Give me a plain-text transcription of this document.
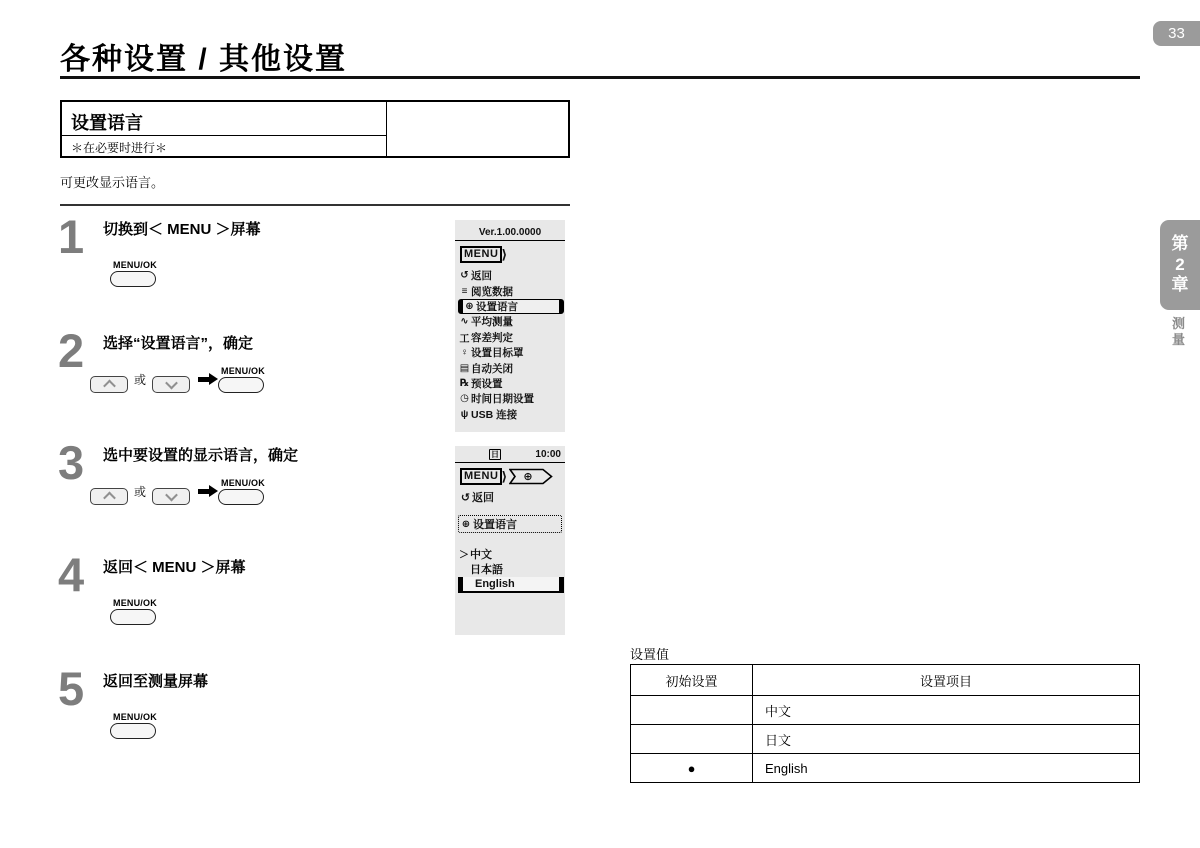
33
各种设置 / 其他设置
设置语言
＊在必要时进行＊
可更改显示语言。
1 切换到＜ MENU ＞屏幕
MENU/OK
2 选择“设置语言”，确定
或
MENU/OK
3 选中要设置的显示语言，确定
或
MENU/OK
4 返回＜ MENU ＞屏幕
MENU/OK
5 返回至测量屏幕
MENU/OK
Ver.1.00.0000
MENU ⟩
↺ 返回
≡ 阅览数据
⊕ 设置语言
∿ 平均测量
工 容差判定
♀ 设置目标罩
▤ 自动关闭
℞ 预设置
◷ 时间日期设置
ψ USB 连接
日	10:00
MENU ⟩ ⊕
↺ 返回
⊕ 设置语言
＞ 中文
日本語
English
设置值
初始设置	设置项目
	中文
	日文
●	English
第
2
章
测
量
